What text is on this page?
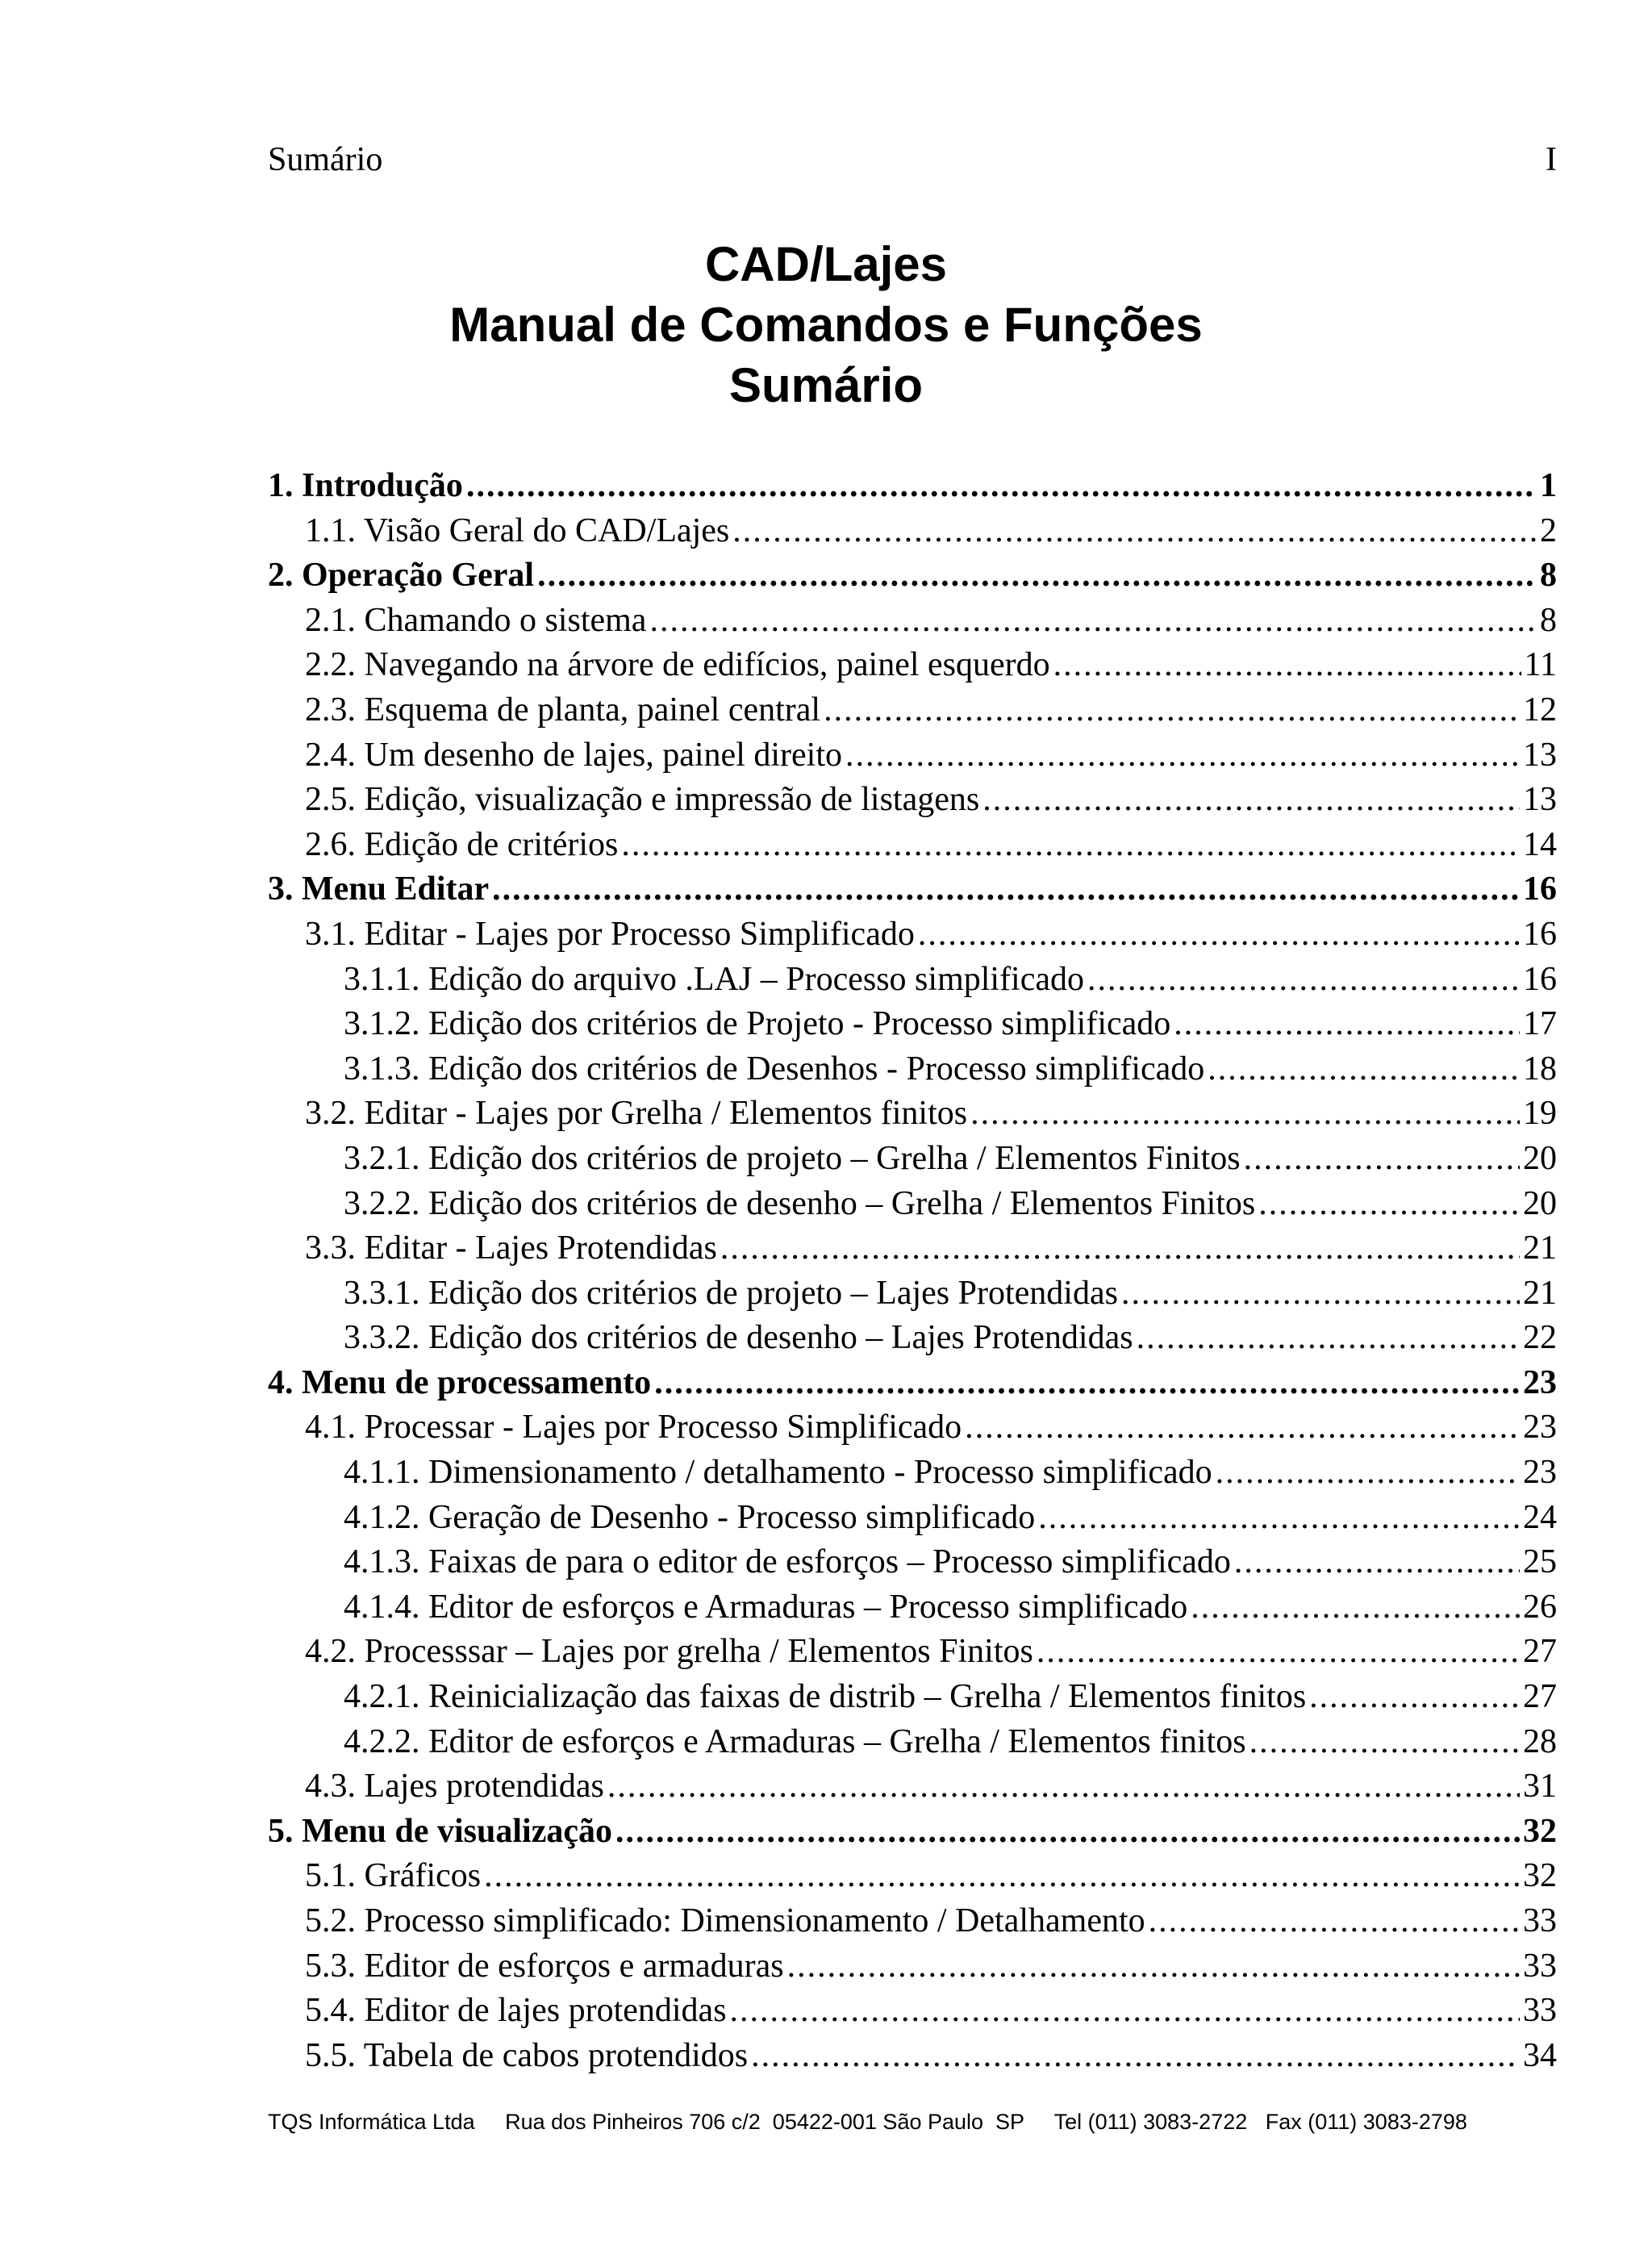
Sumário	I
CAD/Lajes
Manual de Comandos e Funções
Sumário
1. Introdução .....	1
1.1. Visão Geral do CAD/Lajes .....	2
2. Operação Geral .....	8
2.1. Chamando o sistema .....	8
2.2. Navegando na árvore de edifícios, painel esquerdo .....	11
2.3. Esquema de planta, painel central .....	12
2.4. Um desenho de lajes, painel direito .....	13
2.5. Edição, visualização e impressão de listagens .....	13
2.6. Edição de critérios .....	14
3. Menu Editar .....	16
3.1. Editar - Lajes por Processo Simplificado .....	16
3.1.1. Edição do arquivo .LAJ – Processo simplificado .....	16
3.1.2. Edição dos critérios de Projeto - Processo simplificado .....	17
3.1.3. Edição dos critérios de Desenhos - Processo simplificado .....	18
3.2. Editar - Lajes por Grelha / Elementos finitos .....	19
3.2.1. Edição dos critérios de projeto – Grelha / Elementos Finitos .....	20
3.2.2. Edição dos critérios de desenho – Grelha / Elementos Finitos .....	20
3.3. Editar - Lajes Protendidas .....	21
3.3.1. Edição dos critérios de projeto – Lajes Protendidas .....	21
3.3.2. Edição dos critérios de desenho – Lajes Protendidas .....	22
4. Menu de processamento .....	23
4.1. Processar - Lajes por Processo Simplificado .....	23
4.1.1. Dimensionamento / detalhamento - Processo simplificado .....	23
4.1.2. Geração de Desenho - Processo simplificado .....	24
4.1.3. Faixas de para o editor de esforços – Processo simplificado .....	25
4.1.4. Editor de esforços e Armaduras – Processo simplificado .....	26
4.2. Processsar – Lajes por grelha / Elementos Finitos .....	27
4.2.1. Reinicialização das faixas de distrib – Grelha / Elementos finitos .....	27
4.2.2. Editor de esforços e Armaduras – Grelha / Elementos finitos .....	28
4.3. Lajes protendidas .....	31
5. Menu de visualização .....	32
5.1. Gráficos .....	32
5.2. Processo simplificado: Dimensionamento / Detalhamento .....	33
5.3. Editor de esforços e armaduras .....	33
5.4. Editor de lajes protendidas .....	33
5.5. Tabela de cabos protendidos .....	34
TQS Informática Ltda     Rua dos Pinheiros 706 c/2  05422-001 São Paulo  SP     Tel (011) 3083-2722   Fax (011) 3083-2798
